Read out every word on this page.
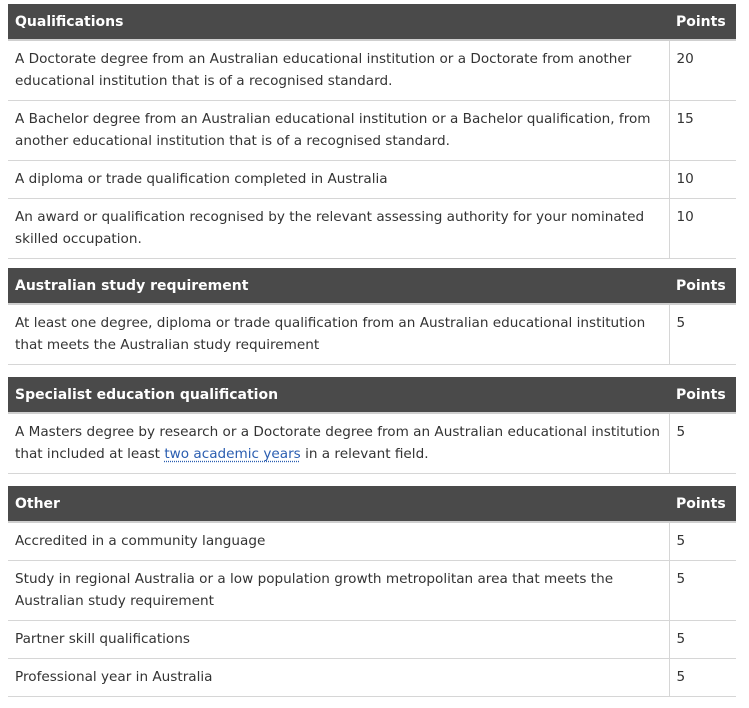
Qualifications	Points
A Doctorate degree from an Australian educational institution or a Doctorate from another educational institution that is of a recognised standard.	20
A Bachelor degree from an Australian educational institution or a Bachelor qualification, from another educational institution that is of a recognised standard.	15
A diploma or trade qualification completed in Australia	10
An award or qualification recognised by the relevant assessing authority for your nominated skilled occupation.	10
Australian study requirement	Points
At least one degree, diploma or trade qualification from an Australian educational institution that meets the Australian study requirement	5
Specialist education qualification	Points
A Masters degree by research or a Doctorate degree from an Australian educational institution that included at least two academic years in a relevant field.	5
Other	Points
Accredited in a community language	5
Study in regional Australia or a low population growth metropolitan area that meets the Australian study requirement	5
Partner skill qualifications	5
Professional year in Australia	5
